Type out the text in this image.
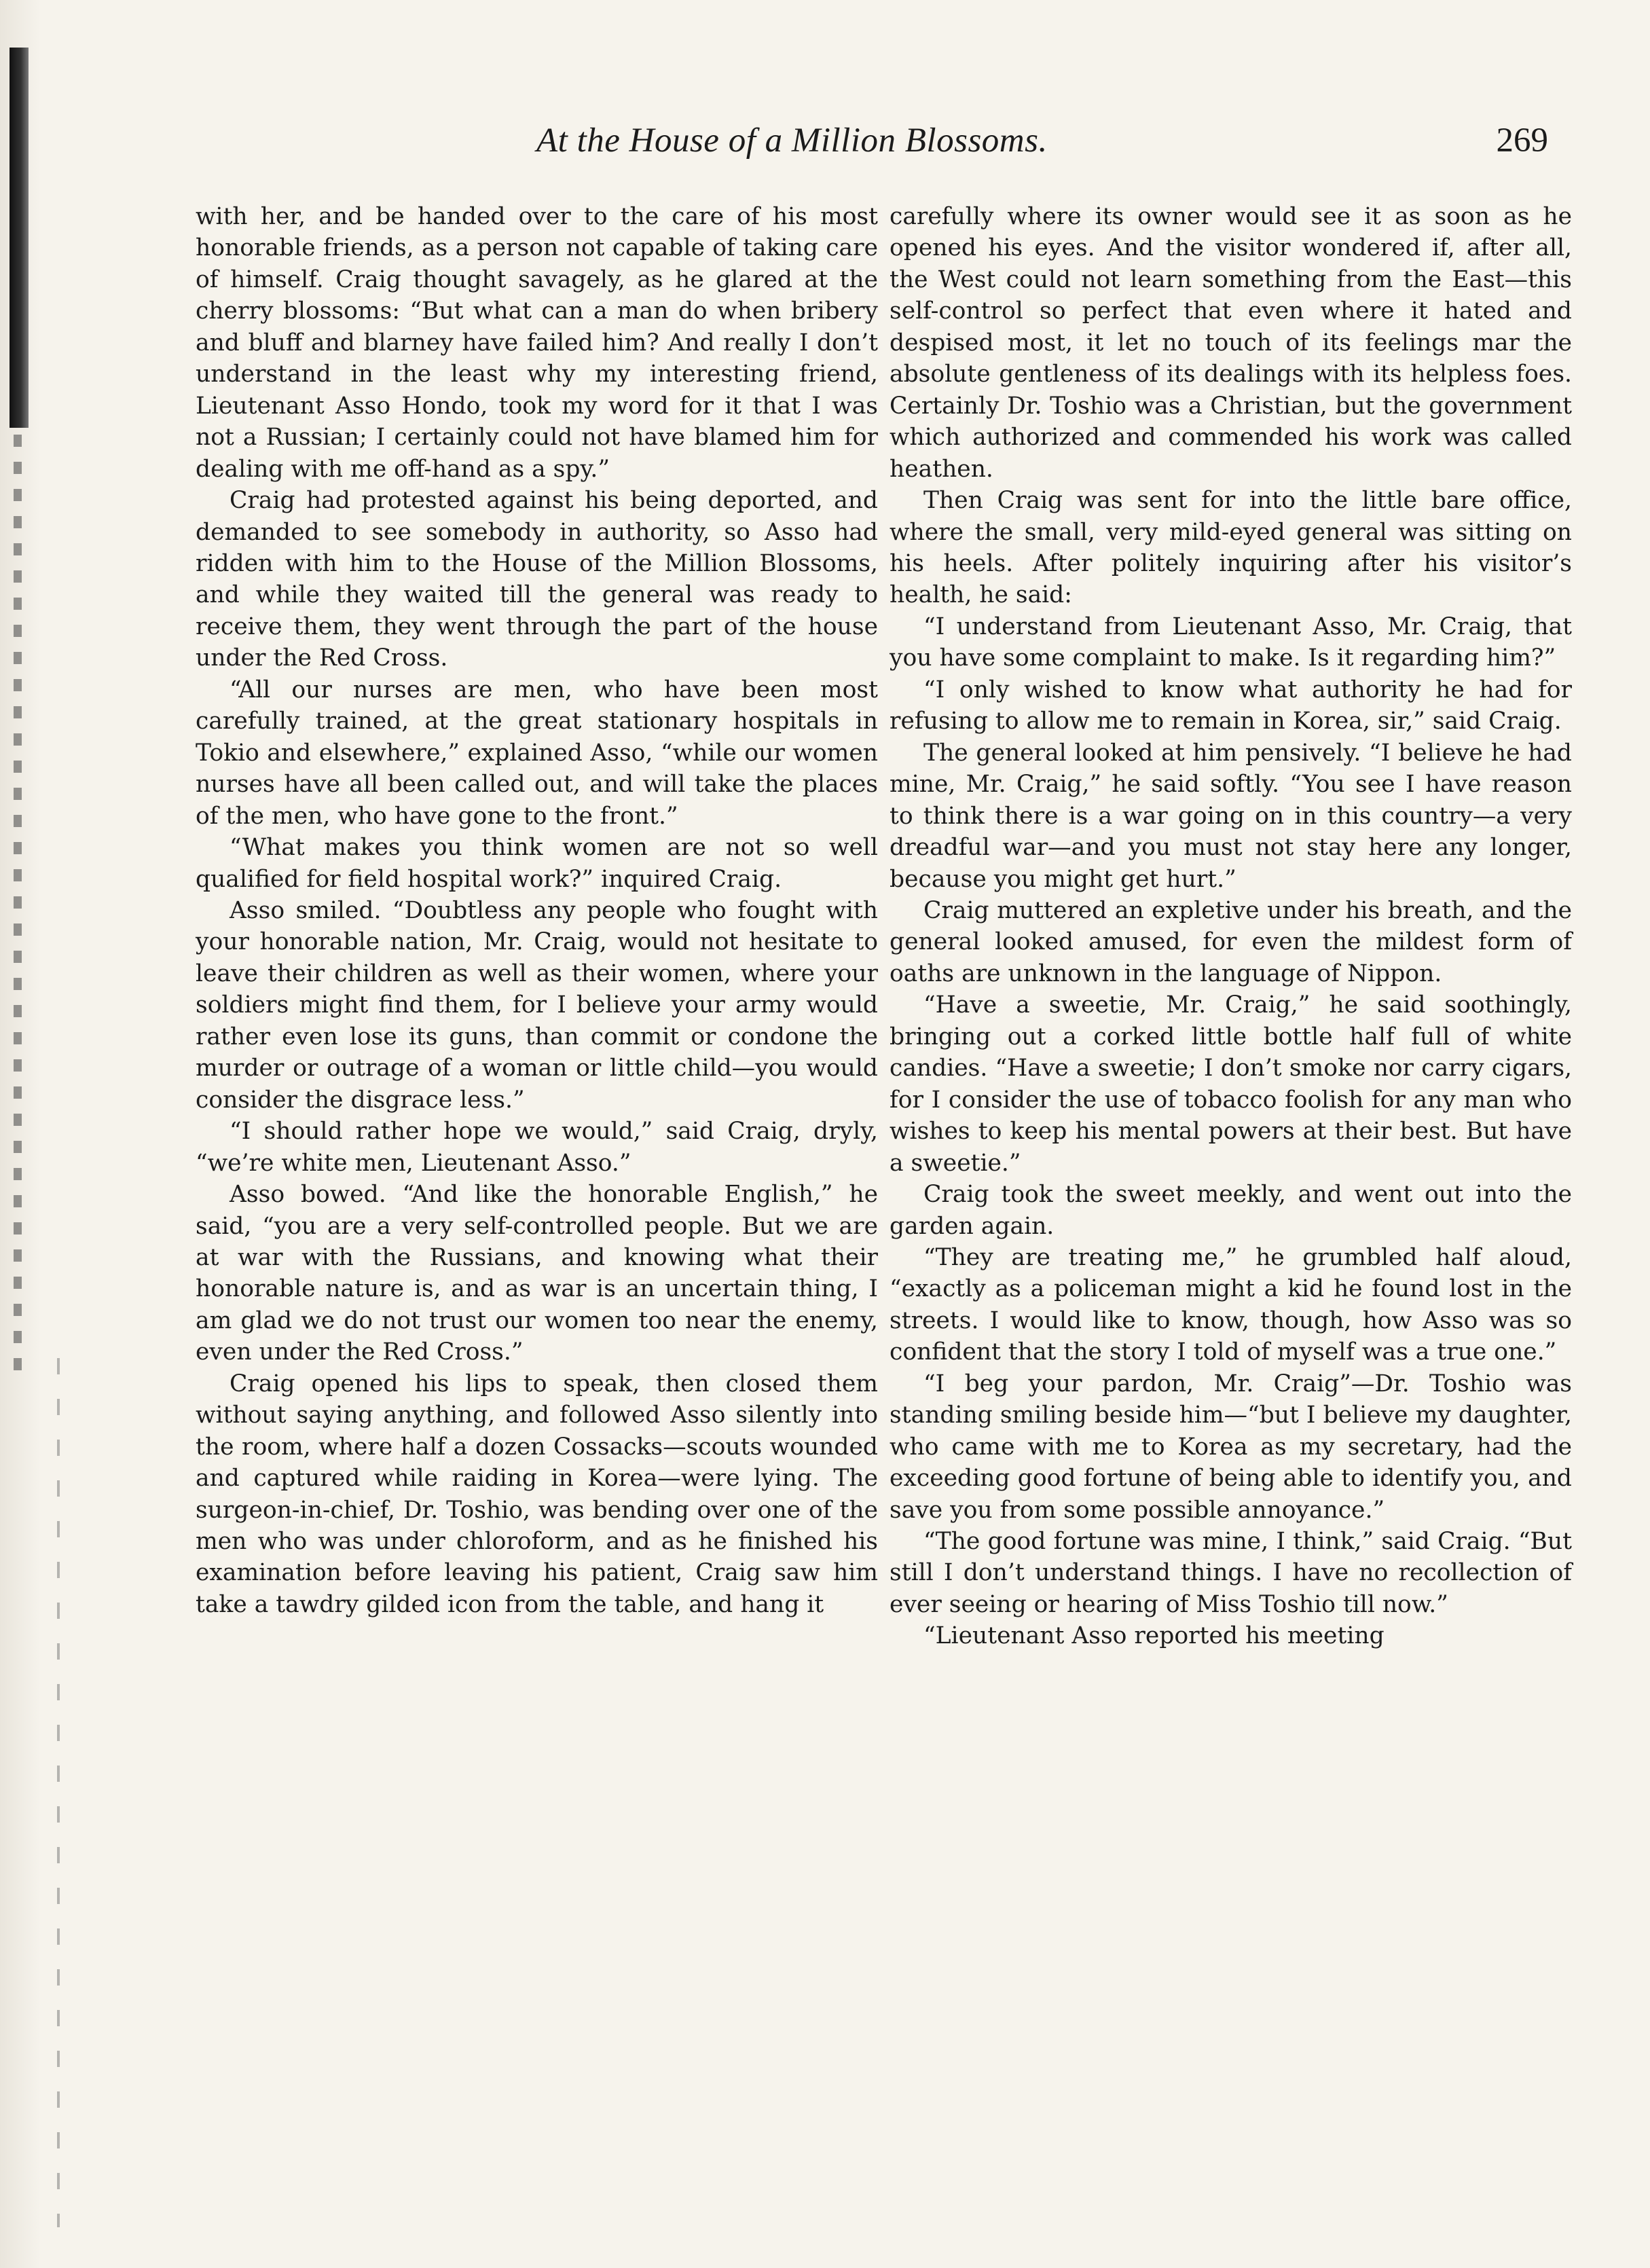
At the House of a Million Blossoms.	269

with her, and be handed over to the care of his most honorable friends, as a person not capable of taking care of himself. Craig thought savagely, as he glared at the cherry blossoms: “But what can a man do when bribery and bluff and blarney have failed him? And really I don’t understand in the least why my interesting friend, Lieutenant Asso Hondo, took my word for it that I was not a Russian; I certainly could not have blamed him for dealing with me off-hand as a spy.”

Craig had protested against his being deported, and demanded to see somebody in authority, so Asso had ridden with him to the House of the Million Blossoms, and while they waited till the general was ready to receive them, they went through the part of the house under the Red Cross.

“All our nurses are men, who have been most carefully trained, at the great stationary hospitals in Tokio and elsewhere,” explained Asso, “while our women nurses have all been called out, and will take the places of the men, who have gone to the front.”

“What makes you think women are not so well qualified for field hospital work?” inquired Craig.

Asso smiled. “Doubtless any people who fought with your honorable nation, Mr. Craig, would not hesitate to leave their children as well as their women, where your soldiers might find them, for I believe your army would rather even lose its guns, than commit or condone the murder or outrage of a woman or little child—you would consider the disgrace less.”

“I should rather hope we would,” said Craig, dryly, “we’re white men, Lieutenant Asso.”

Asso bowed. “And like the honorable English,” he said, “you are a very self-controlled people. But we are at war with the Russians, and knowing what their honorable nature is, and as war is an uncertain thing, I am glad we do not trust our women too near the enemy, even under the Red Cross.”

Craig opened his lips to speak, then closed them without saying anything, and followed Asso silently into the room, where half a dozen Cossacks—scouts wounded and captured while raiding in Korea—were lying. The surgeon-in-chief, Dr. Toshio, was bending over one of the men who was under chloroform, and as he finished his examination before leaving his patient, Craig saw him take a tawdry gilded icon from the table, and hang it

carefully where its owner would see it as soon as he opened his eyes. And the visitor wondered if, after all, the West could not learn something from the East—this self-control so perfect that even where it hated and despised most, it let no touch of its feelings mar the absolute gentleness of its dealings with its helpless foes. Certainly Dr. Toshio was a Christian, but the government which authorized and commended his work was called heathen.

Then Craig was sent for into the little bare office, where the small, very mild-eyed general was sitting on his heels. After politely inquiring after his visitor’s health, he said:

“I understand from Lieutenant Asso, Mr. Craig, that you have some complaint to make. Is it regarding him?”

“I only wished to know what authority he had for refusing to allow me to remain in Korea, sir,” said Craig.

The general looked at him pensively. “I believe he had mine, Mr. Craig,” he said softly. “You see I have reason to think there is a war going on in this country—a very dreadful war—and you must not stay here any longer, because you might get hurt.”

Craig muttered an expletive under his breath, and the general looked amused, for even the mildest form of oaths are unknown in the language of Nippon.

“Have a sweetie, Mr. Craig,” he said soothingly, bringing out a corked little bottle half full of white candies. “Have a sweetie; I don’t smoke nor carry cigars, for I consider the use of tobacco foolish for any man who wishes to keep his mental powers at their best. But have a sweetie.”

Craig took the sweet meekly, and went out into the garden again.

“They are treating me,” he grumbled half aloud, “exactly as a policeman might a kid he found lost in the streets. I would like to know, though, how Asso was so confident that the story I told of myself was a true one.”

“I beg your pardon, Mr. Craig”—Dr. Toshio was standing smiling beside him—“but I believe my daughter, who came with me to Korea as my secretary, had the exceeding good fortune of being able to identify you, and save you from some possible annoyance.”

“The good fortune was mine, I think,” said Craig. “But still I don’t understand things. I have no recollection of ever seeing or hearing of Miss Toshio till now.”

“Lieutenant Asso reported his meeting
